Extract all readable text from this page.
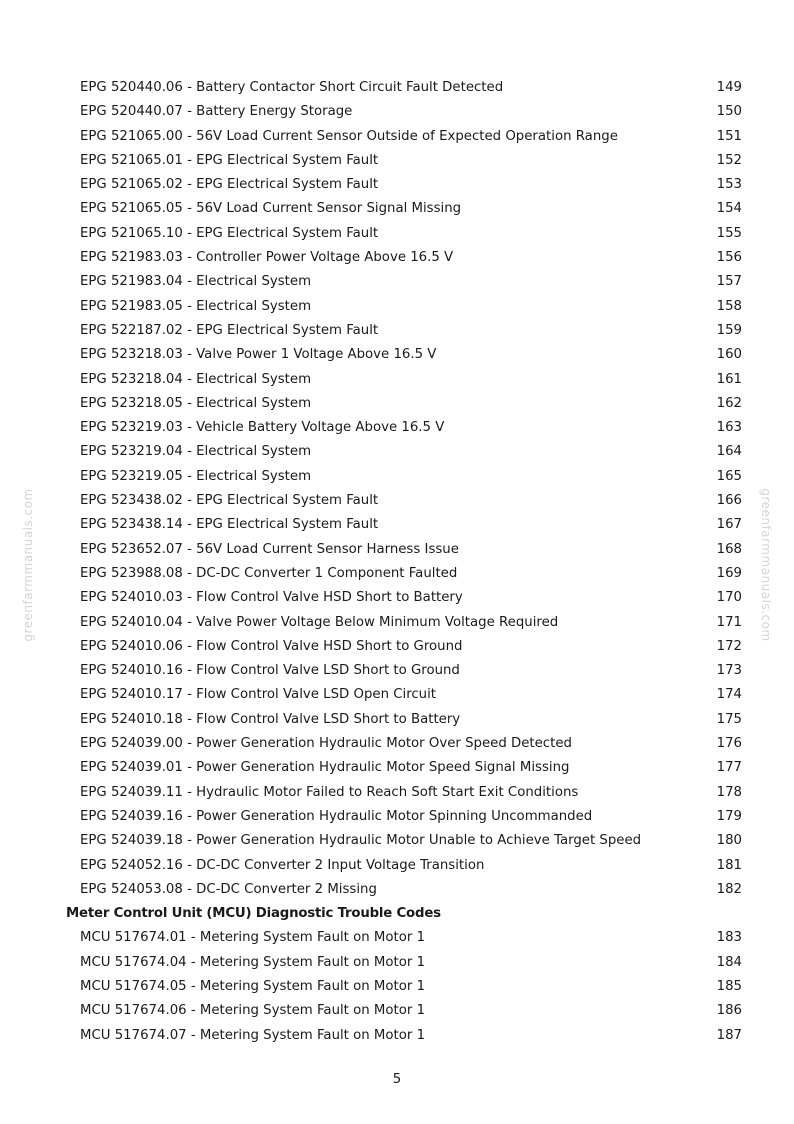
greenfarmmanuals.com	greenfarmmanuals.com
EPG 520440.06 - Battery Contactor Short Circuit Fault Detected	149
EPG 520440.07 - Battery Energy Storage	150
EPG 521065.00 - 56V Load Current Sensor Outside of Expected Operation Range	151
EPG 521065.01 - EPG Electrical System Fault	152
EPG 521065.02 - EPG Electrical System Fault	153
EPG 521065.05 - 56V Load Current Sensor Signal Missing	154
EPG 521065.10 - EPG Electrical System Fault	155
EPG 521983.03 - Controller Power Voltage Above 16.5 V	156
EPG 521983.04 - Electrical System	157
EPG 521983.05 - Electrical System	158
EPG 522187.02 - EPG Electrical System Fault	159
EPG 523218.03 - Valve Power 1 Voltage Above 16.5 V	160
EPG 523218.04 - Electrical System	161
EPG 523218.05 - Electrical System	162
EPG 523219.03 - Vehicle Battery Voltage Above 16.5 V	163
EPG 523219.04 - Electrical System	164
EPG 523219.05 - Electrical System	165
EPG 523438.02 - EPG Electrical System Fault	166
EPG 523438.14 - EPG Electrical System Fault	167
EPG 523652.07 - 56V Load Current Sensor Harness Issue	168
EPG 523988.08 - DC-DC Converter 1 Component Faulted	169
EPG 524010.03 - Flow Control Valve HSD Short to Battery	170
EPG 524010.04 - Valve Power Voltage Below Minimum Voltage Required	171
EPG 524010.06 - Flow Control Valve HSD Short to Ground	172
EPG 524010.16 - Flow Control Valve LSD Short to Ground	173
EPG 524010.17 - Flow Control Valve LSD Open Circuit	174
EPG 524010.18 - Flow Control Valve LSD Short to Battery	175
EPG 524039.00 - Power Generation Hydraulic Motor Over Speed Detected	176
EPG 524039.01 - Power Generation Hydraulic Motor Speed Signal Missing	177
EPG 524039.11 - Hydraulic Motor Failed to Reach Soft Start Exit Conditions	178
EPG 524039.16 - Power Generation Hydraulic Motor Spinning Uncommanded	179
EPG 524039.18 - Power Generation Hydraulic Motor Unable to Achieve Target Speed	180
EPG 524052.16 - DC-DC Converter 2 Input Voltage Transition	181
EPG 524053.08 - DC-DC Converter 2 Missing	182
Meter Control Unit (MCU) Diagnostic Trouble Codes
MCU 517674.01 - Metering System Fault on Motor 1	183
MCU 517674.04 - Metering System Fault on Motor 1	184
MCU 517674.05 - Metering System Fault on Motor 1	185
MCU 517674.06 - Metering System Fault on Motor 1	186
MCU 517674.07 - Metering System Fault on Motor 1	187
5
